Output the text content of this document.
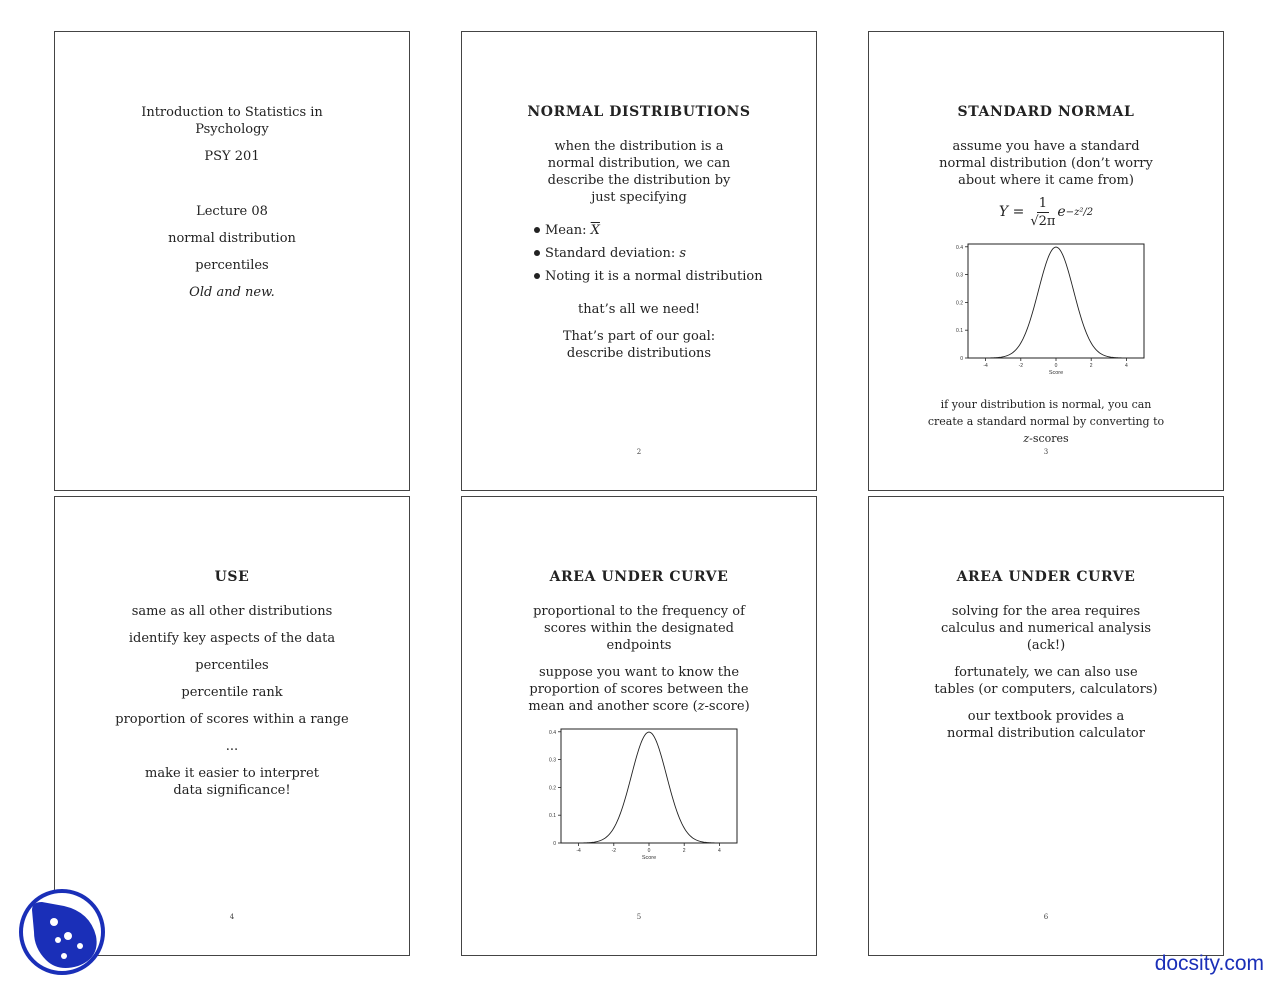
Introduction to Statistics in
Psychology
PSY 201
Lecture 08
normal distribution
percentiles
Old and new.
NORMAL DISTRIBUTIONS
when the distribution is a normal distribution, we can describe the distribution by just specifying
Mean: $\overline{X}$
Standard deviation: s
Noting it is a normal distribution
that’s all we need!
That’s part of our goal: describe distributions
2
STANDARD NORMAL
assume you have a standard normal distribution (don’t worry about where it came from)
$Y = \frac{1}{√2\pi}$ e −z²/2
0
0.1
0.2
0.3
0.4
-4	-2	0	2	4
Score
if your distribution is normal, you can create a standard normal by converting to z-scores
3
USE
same as all other distributions
identify key aspects of the data
percentiles
percentile rank
proportion of scores within a range
...
make it easier to interpret data significance!
4
AREA UNDER CURVE
proportional to the frequency of scores within the designated endpoints
suppose you want to know the proportion of scores between the mean and another score (z-score)
0
0.1
0.2
0.3
0.4
-4	-2	0	2	4
Score
5
AREA UNDER CURVE
solving for the area requires calculus and numerical analysis (ack!)
fortunately, we can also use tables (or computers, calculators)
our textbook provides a normal distribution calculator
6
docsity.com
